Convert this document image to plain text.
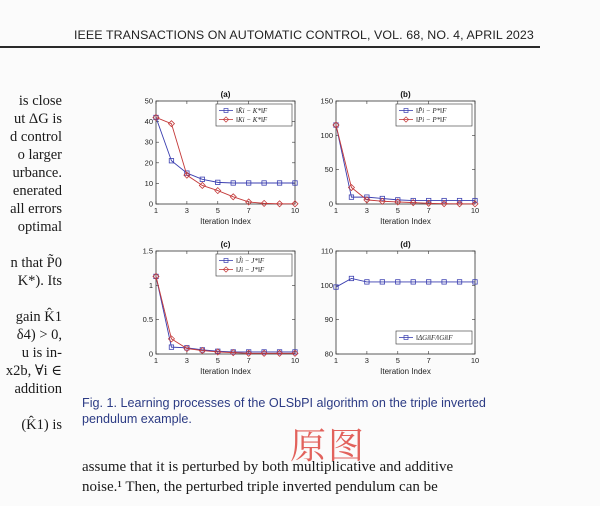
IEEE TRANSACTIONS ON AUTOMATIC CONTROL, VOL. 68, NO. 4, APRIL 2023
is close
ut ΔG is
d control
o larger
urbance.
enerated
all errors
optimal
n that P̃0
K*). Its
gain K̂1
δ4) > 0,
u is in-
x2b, ∀i ∈
addition
(K̂1) is
(a)
0
10
20
30
40
50
1	3	5	7	10
Iteration Index
‖K̂i − K*‖F
‖Ki − K*‖F
(b)
0
50
100
150
1	3	5	7	10
Iteration Index
‖P̂i − P*‖F
‖Pi − P*‖F
(c)
0
0.5
1
1.5
1	3	5	7	10
Iteration Index
‖Ĵi − J*‖F
‖Ji − J*‖F
(d)
80
90
100
110
1	3	5	7	10
Iteration Index
‖ΔGi‖F/‖Gi‖F
Fig. 1. Learning processes of the OLSbPI algorithm on the triple inverted pendulum example.
原图
assume that it is perturbed by both multiplicative and additive
noise.¹ Then, the perturbed triple inverted pendulum can be
